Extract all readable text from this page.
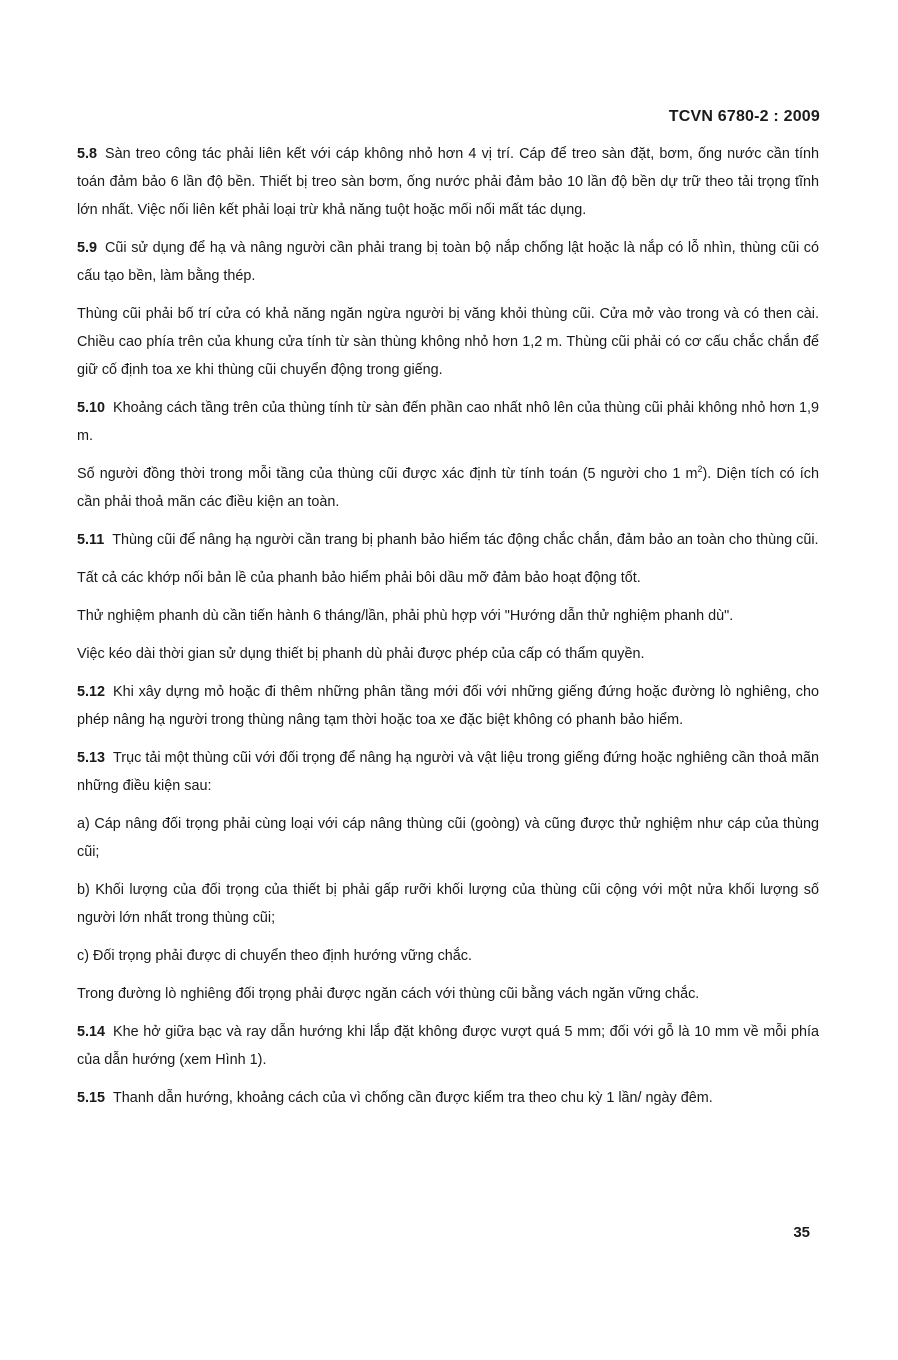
TCVN 6780-2 : 2009

5.8 Sàn treo công tác phải liên kết với cáp không nhỏ hơn 4 vị trí. Cáp để treo sàn đặt, bơm, ống nước cần tính toán đảm bảo 6 lần độ bền. Thiết bị treo sàn bơm, ống nước phải đảm bảo 10 lần độ bền dự trữ theo tải trọng tĩnh lớn nhất. Việc nối liên kết phải loại trừ khả năng tuột hoặc mối nối mất tác dụng.

5.9 Cũi sử dụng để hạ và nâng người cần phải trang bị toàn bộ nắp chống lật hoặc là nắp có lỗ nhìn, thùng cũi có cấu tạo bền, làm bằng thép.

Thùng cũi phải bố trí cửa có khả năng ngăn ngừa người bị văng khỏi thùng cũi. Cửa mở vào trong và có then cài. Chiều cao phía trên của khung cửa tính từ sàn thùng không nhỏ hơn 1,2 m. Thùng cũi phải có cơ cấu chắc chắn để giữ cố định toa xe khi thùng cũi chuyển động trong giếng.

5.10 Khoảng cách tầng trên của thùng tính từ sàn đến phần cao nhất nhô lên của thùng cũi phải không nhỏ hơn 1,9 m.

Số người đồng thời trong mỗi tầng của thùng cũi được xác định từ tính toán (5 người cho 1 $m^2$). Diện tích có ích cần phải thoả mãn các điều kiện an toàn.

5.11 Thùng cũi để nâng hạ người cần trang bị phanh bảo hiểm tác động chắc chắn, đảm bảo an toàn cho thùng cũi.

Tất cả các khớp nối bản lề của phanh bảo hiểm phải bôi dầu mỡ đảm bảo hoạt động tốt.

Thử nghiệm phanh dù cần tiến hành 6 tháng/lần, phải phù hợp với "Hướng dẫn thử nghiệm phanh dù".

Việc kéo dài thời gian sử dụng thiết bị phanh dù phải được phép của cấp có thẩm quyền.

5.12 Khi xây dựng mỏ hoặc đi thêm những phân tầng mới đối với những giếng đứng hoặc đường lò nghiêng, cho phép nâng hạ người trong thùng nâng tạm thời hoặc toa xe đặc biệt không có phanh bảo hiểm.

5.13 Trục tải một thùng cũi với đối trọng để nâng hạ người và vật liệu trong giếng đứng hoặc nghiêng cần thoả mãn những điều kiện sau:

a) Cáp nâng đối trọng phải cùng loại với cáp nâng thùng cũi (goòng) và cũng được thử nghiệm như cáp của thùng cũi;

b) Khối lượng của đối trọng của thiết bị phải gấp rưỡi khối lượng của thùng cũi cộng với một nửa khối lượng số người lớn nhất trong thùng cũi;

c) Đối trọng phải được di chuyển theo định hướng vững chắc.

Trong đường lò nghiêng đối trọng phải được ngăn cách với thùng cũi bằng vách ngăn vững chắc.

5.14 Khe hở giữa bạc và ray dẫn hướng khi lắp đặt không được vượt quá 5 mm; đối với gỗ là 10 mm về mỗi phía của dẫn hướng (xem Hình 1).

5.15 Thanh dẫn hướng, khoảng cách của vì chống cần được kiểm tra theo chu kỳ 1 lần/ ngày đêm.

35
